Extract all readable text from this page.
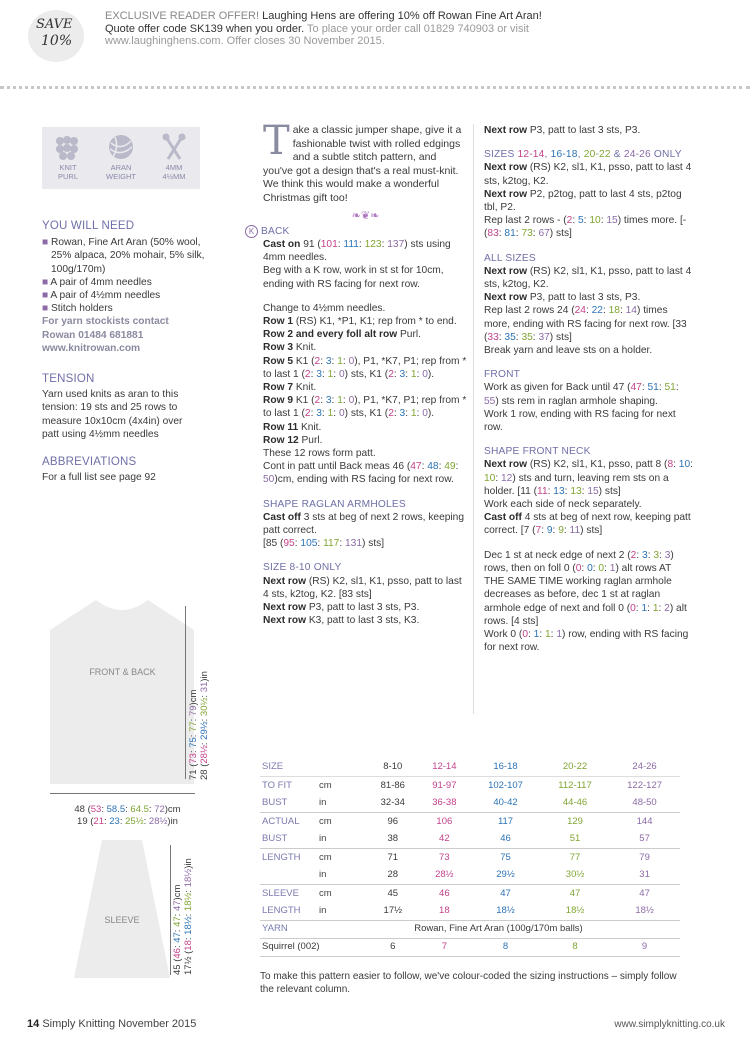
SAVE
10%
EXCLUSIVE READER OFFER! Laughing Hens are offering 10% off Rowan Fine Art Aran!
Quote offer code SK139 when you order. To place your order call 01829 740903 or visit
www.laughinghens.com. Offer closes 30 November 2015.
KNIT
PURL
ARAN
WEIGHT
4MM
4½MM
YOU WILL NEED
■ Rowan, Fine Art Aran (50% wool, 25% alpaca, 20% mohair, 5% silk, 100g/170m)
■ A pair of 4mm needles
■ A pair of 4½mm needles
■ Stitch holders
For yarn stockists contact
Rowan 01484 681881
www.knitrowan.com
TENSION
Yarn used knits as aran to this tension: 19 sts and 25 rows to measure 10x10cm (4x4in) over patt using 4½mm needles
ABBREVIATIONS
For a full list see page 92
FRONT & BACK
71 (73: 75: 77: 79)cm
28 (28½: 29½: 30½: 31)in
48 (53: 58.5: 64.5: 72)cm
19 (21: 23: 25½: 28½)in
SLEEVE
45 (46: 47: 47: 47)cm
17½ (18: 18½: 18½: 18½)in
Take a classic jumper shape, give it a fashionable twist with rolled edgings and a subtle stitch pattern, and you've got a design that's a real must-knit. We think this would make a wonderful Christmas gift too!
❧❦❧
K BACK
Cast on 91 (101: 111: 123: 137) sts using 4mm needles.
Beg with a K row, work in st st for 10cm, ending with RS facing for next row.
Change to 4½mm needles.
Row 1 (RS) K1, *P1, K1; rep from * to end.
Row 2 and every foll alt row Purl.
Row 3 Knit.
Row 5 K1 (2: 3: 1: 0), P1, *K7, P1; rep from * to last 1 (2: 3: 1: 0) sts, K1 (2: 3: 1: 0).
Row 7 Knit.
Row 9 K1 (2: 3: 1: 0), P1, *K7, P1; rep from * to last 1 (2: 3: 1: 0) sts, K1 (2: 3: 1: 0).
Row 11 Knit.
Row 12 Purl.
These 12 rows form patt.
Cont in patt until Back meas 46 (47: 48: 49: 50)cm, ending with RS facing for next row.
SHAPE RAGLAN ARMHOLES
Cast off 3 sts at beg of next 2 rows, keeping patt correct.
[85 (95: 105: 117: 131) sts]
SIZE 8-10 ONLY
Next row (RS) K2, sl1, K1, psso, patt to last 4 sts, k2tog, K2. [83 sts]
Next row P3, patt to last 3 sts, P3.
Next row K3, patt to last 3 sts, K3.
Next row P3, patt to last 3 sts, P3.
SIZES 12-14, 16-18, 20-22 & 24-26 ONLY
Next row (RS) K2, sl1, K1, psso, patt to last 4 sts, k2tog, K2.
Next row P2, p2tog, patt to last 4 sts, p2tog tbl, P2.
Rep last 2 rows - (2: 5: 10: 15) times more. [- (83: 81: 73: 67) sts]
ALL SIZES
Next row (RS) K2, sl1, K1, psso, patt to last 4 sts, k2tog, K2.
Next row P3, patt to last 3 sts, P3.
Rep last 2 rows 24 (24: 22: 18: 14) times more, ending with RS facing for next row. [33 (33: 35: 35: 37) sts]
Break yarn and leave sts on a holder.
FRONT
Work as given for Back until 47 (47: 51: 51: 55) sts rem in raglan armhole shaping.
Work 1 row, ending with RS facing for next row.
SHAPE FRONT NECK
Next row (RS) K2, sl1, K1, psso, patt 8 (8: 10: 10: 12) sts and turn, leaving rem sts on a holder. [11 (11: 13: 13: 15) sts]
Work each side of neck separately.
Cast off 4 sts at beg of next row, keeping patt correct. [7 (7: 9: 9: 11) sts]
Dec 1 st at neck edge of next 2 (2: 3: 3: 3) rows, then on foll 0 (0: 0: 0: 1) alt rows AT THE SAME TIME working raglan armhole decreases as before, dec 1 st at raglan armhole edge of next and foll 0 (0: 1: 1: 2) alt rows. [4 sts]
Work 0 (0: 1: 1: 1) row, ending with RS facing for next row.
SIZE		8-10	12-14	16-18	20-22	24-26
TO FIT	cm	81-86	91-97	102-107	112-117	122-127
BUST	in	32-34	36-38	40-42	44-46	48-50
ACTUAL	cm	96	106	117	129	144
BUST	in	38	42	46	51	57
LENGTH	cm	71	73	75	77	79
	in	28	28½	29½	30½	31
SLEEVE	cm	45	46	47	47	47
LENGTH	in	17½	18	18½	18½	18½
YARN	Rowan, Fine Art Aran (100g/170m balls)					
Squirrel (002)		6	7	8	8	9
To make this pattern easier to follow, we've colour-coded the sizing instructions – simply follow the relevant column.
14 Simply Knitting November 2015	www.simplyknitting.co.uk
